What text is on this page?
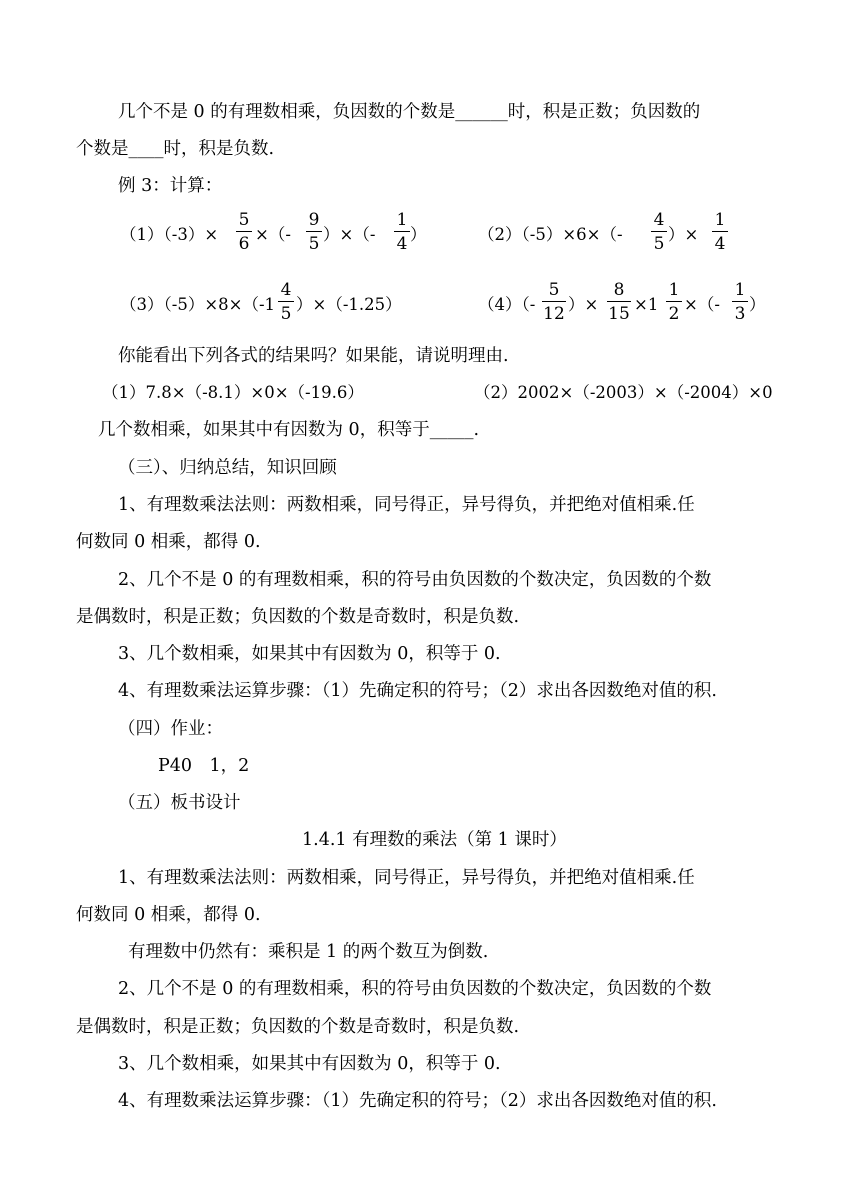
几个不是 0 的有理数相乘，负因数的个数是______时，积是正数；负因数的
个数是____时，积是负数.
例 3：计算：
$(1)(-3)\times \frac{5}{6}$ ×（- $\frac{9}{5}$ ）×（- $\frac{1}{4}$ ）	$(2)(-5)\times 6\times(- \frac{4}{5}$ ）× $\frac{1}{4}$
$(3)(-5)\times 8\times(-1 \frac{4}{5} )\times(-1.25)$	$(4)(- \frac{5}{12}$ ）× $\frac{8}{15} \times 1 \frac{1}{2}$ ×（- $\frac{1}{3}$ ）
你能看出下列各式的结果吗？如果能，请说明理由.
（1）7.8×（-8.1）×0×（-19.6）	（2）2002×（-2003）×（-2004）×0
几个数相乘，如果其中有因数为 0，积等于_____.
（三）、归纳总结，知识回顾
1、有理数乘法法则：两数相乘，同号得正，异号得负，并把绝对值相乘.任
何数同 0 相乘，都得 0.
2、几个不是 0 的有理数相乘，积的符号由负因数的个数决定，负因数的个数
是偶数时，积是正数；负因数的个数是奇数时，积是负数.
3、几个数相乘，如果其中有因数为 0，积等于 0.
4、有理数乘法运算步骤：（1）先确定积的符号；（2）求出各因数绝对值的积.
（四）作业：
P40　1，2
（五）板书设计
1.4.1 有理数的乘法（第 1 课时）
1、有理数乘法法则：两数相乘，同号得正，异号得负，并把绝对值相乘.任
何数同 0 相乘，都得 0.
有理数中仍然有：乘积是 1 的两个数互为倒数.
2、几个不是 0 的有理数相乘，积的符号由负因数的个数决定，负因数的个数
是偶数时，积是正数；负因数的个数是奇数时，积是负数.
3、几个数相乘，如果其中有因数为 0，积等于 0.
4、有理数乘法运算步骤：（1）先确定积的符号；（2）求出各因数绝对值的积.
